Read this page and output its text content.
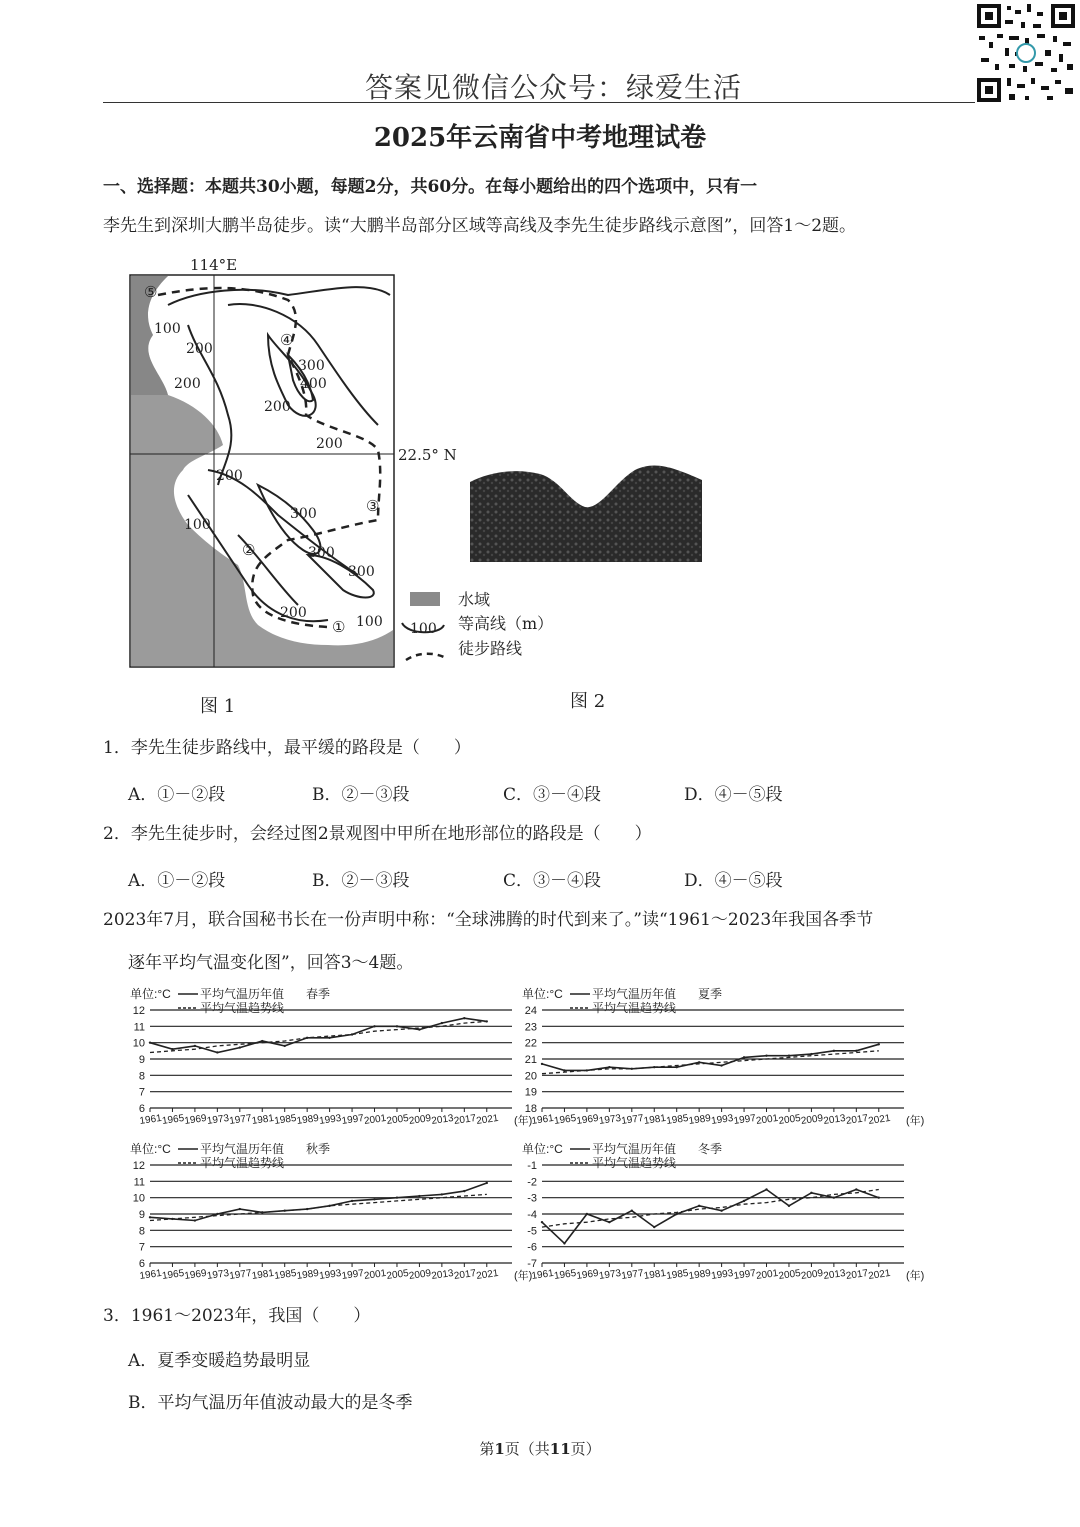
答案见微信公众号：绿爱生活
2025年云南省中考地理试卷
一、选择题：本题共30小题，每题2分，共60分。在每小题给出的四个选项中，只有一
李先生到深圳大鹏半岛徒步。读“大鹏半岛部分区域等高线及李先生徒步路线示意图”，回答1～2题。
114°E
100
200
200
300
400
200
200
200
100
300
300
300
200
100
⑤
④
③
②
①
22.5° N
图 1
水域
100 等高线（m）
徒步路线
甲
图 2
1．李先生徒步路线中，最平缓的路段是（　　）
A．①－②段	B．②－③段	C．③－④段	D．④－⑤段
2．李先生徒步时，会经过图2景观图中甲所在地形部位的路段是（　　）
A．①－②段	B．②－③段	C．③－④段	D．④－⑤段
2023年7月，联合国秘书长在一份声明中称：“全球沸腾的时代到来了。”读“1961～2023年我国各季节
逐年平均气温变化图”，回答3～4题。
6
7
8
9
10
11
12
1961
1965
1969
1973
1977
1981
1985
1989
1993
1997
2001
2005
2009
2013
2017
2021 (年)
单位:°C 平均气温历年值 春季
平均气温趋势线
18
19
20
21
22
23
24
1961
1965
1969
1973
1977
1981
1985
1989
1993
1997
2001
2005
2009
2013
2017
2021 (年)
单位:°C 平均气温历年值 夏季
平均气温趋势线
6
7
8
9
10
11
12
1961
1965
1969
1973
1977
1981
1985
1989
1993
1997
2001
2005
2009
2013
2017
2021 (年)
单位:°C 平均气温历年值 秋季
平均气温趋势线
-7
-6
-5
-4
-3
-2
-1
1961
1965
1969
1973
1977
1981
1985
1989
1993
1997
2001
2005
2009
2013
2017
2021 (年)
单位:°C 平均气温历年值 冬季
平均气温趋势线
3．1961～2023年，我国（　　）
A．夏季变暖趋势最明显
B．平均气温历年值波动最大的是冬季
第1页（共11页）
